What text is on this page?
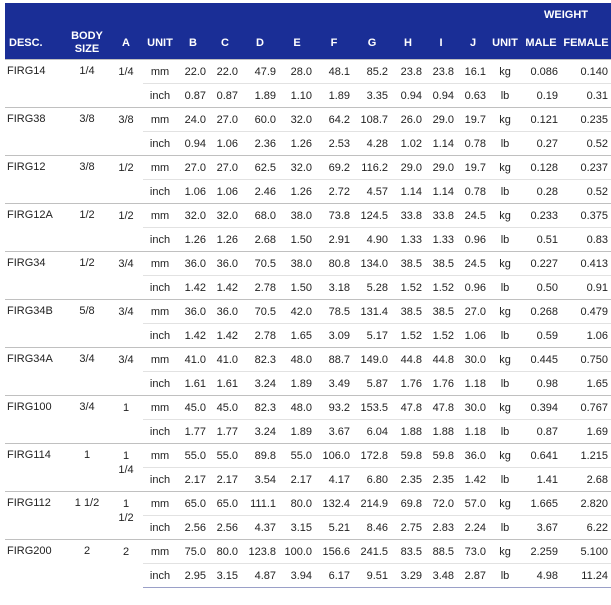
														WEIGHT	
DESC.	BODY SIZE	A	UNIT	B	C	D	E	F	G	H	I	J	UNIT	MALE	FEMALE
FIRG14	1/4	1/4	mm	22.0	22.0	47.9	28.0	48.1	85.2	23.8	23.8	16.1	kg	0.086	0.140
			inch	0.87	0.87	1.89	1.10	1.89	3.35	0.94	0.94	0.63	lb	0.19	0.31
FIRG38	3/8	3/8	mm	24.0	27.0	60.0	32.0	64.2	108.7	26.0	29.0	19.7	kg	0.121	0.235
			inch	0.94	1.06	2.36	1.26	2.53	4.28	1.02	1.14	0.78	lb	0.27	0.52
FIRG12	3/8	1/2	mm	27.0	27.0	62.5	32.0	69.2	116.2	29.0	29.0	19.7	kg	0.128	0.237
			inch	1.06	1.06	2.46	1.26	2.72	4.57	1.14	1.14	0.78	lb	0.28	0.52
FIRG12A	1/2	1/2	mm	32.0	32.0	68.0	38.0	73.8	124.5	33.8	33.8	24.5	kg	0.233	0.375
			inch	1.26	1.26	2.68	1.50	2.91	4.90	1.33	1.33	0.96	lb	0.51	0.83
FIRG34	1/2	3/4	mm	36.0	36.0	70.5	38.0	80.8	134.0	38.5	38.5	24.5	kg	0.227	0.413
			inch	1.42	1.42	2.78	1.50	3.18	5.28	1.52	1.52	0.96	lb	0.50	0.91
FIRG34B	5/8	3/4	mm	36.0	36.0	70.5	42.0	78.5	131.4	38.5	38.5	27.0	kg	0.268	0.479
			inch	1.42	1.42	2.78	1.65	3.09	5.17	1.52	1.52	1.06	lb	0.59	1.06
FIRG34A	3/4	3/4	mm	41.0	41.0	82.3	48.0	88.7	149.0	44.8	44.8	30.0	kg	0.445	0.750
			inch	1.61	1.61	3.24	1.89	3.49	5.87	1.76	1.76	1.18	lb	0.98	1.65
FIRG100	3/4	1	mm	45.0	45.0	82.3	48.0	93.2	153.5	47.8	47.8	30.0	kg	0.394	0.767
			inch	1.77	1.77	3.24	1.89	3.67	6.04	1.88	1.88	1.18	lb	0.87	1.69
FIRG114	1	1 1/4	mm	55.0	55.0	89.8	55.0	106.0	172.8	59.8	59.8	36.0	kg	0.641	1.215
			inch	2.17	2.17	3.54	2.17	4.17	6.80	2.35	2.35	1.42	lb	1.41	2.68
FIRG112	1 1/2	1 1/2	mm	65.0	65.0	111.1	80.0	132.4	214.9	69.8	72.0	57.0	kg	1.665	2.820
			inch	2.56	2.56	4.37	3.15	5.21	8.46	2.75	2.83	2.24	lb	3.67	6.22
FIRG200	2	2	mm	75.0	80.0	123.8	100.0	156.6	241.5	83.5	88.5	73.0	kg	2.259	5.100
			inch	2.95	3.15	4.87	3.94	6.17	9.51	3.29	3.48	2.87	lb	4.98	11.24
